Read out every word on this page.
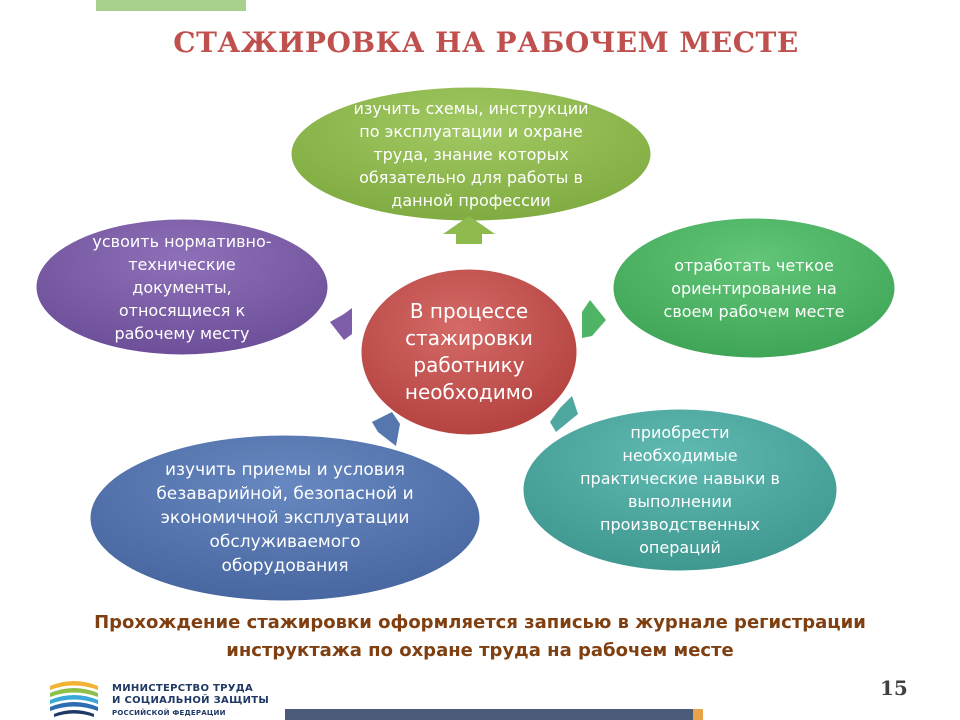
СТАЖИРОВКА НА РАБОЧЕМ МЕСТЕ
изучить схемы, инструкции
по эксплуатации и охране
труда, знание которых
обязательно для работы в
данной профессии
усвоить нормативно-
технические
документы,
относящиеся к
рабочему месту
отработать четкое
ориентирование на
своем рабочем месте
изучить приемы и условия
безаварийной, безопасной и
экономичной эксплуатации
обслуживаемого
оборудования
приобрести
необходимые
практические навыки в
выполнении
производственных
операций
В процессе
стажировки
работнику
необходимо
Прохождение стажировки оформляется записью в журнале регистрации
инструктажа по охране труда на рабочем месте
МИНИСТЕРСТВО ТРУДА
И СОЦИАЛЬНОЙ ЗАЩИТЫ
РОССИЙСКОЙ ФЕДЕРАЦИИ
15
